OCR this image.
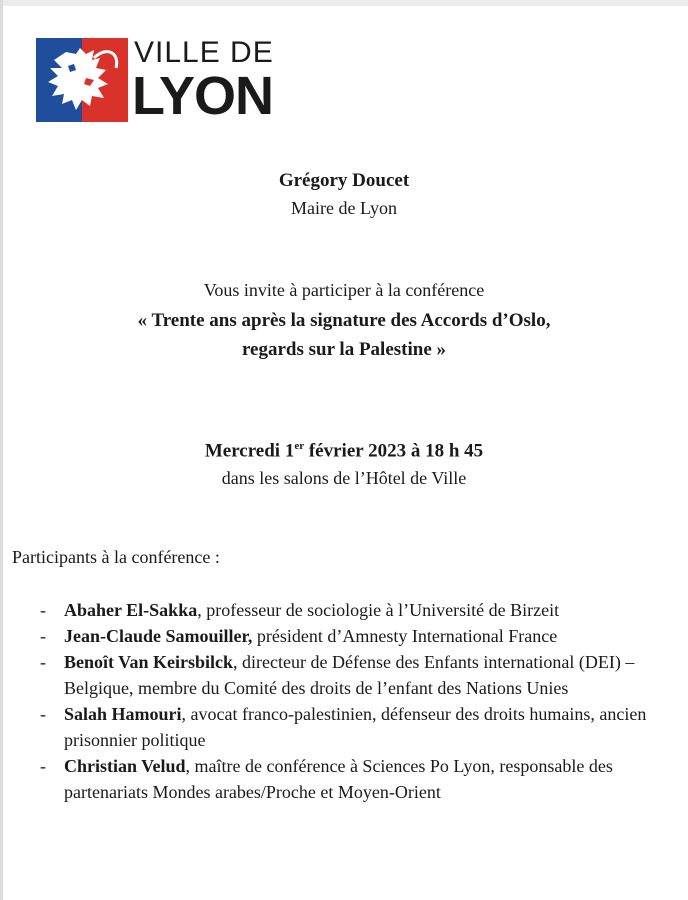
VILLE DE
LYON
Grégory Doucet
Maire de Lyon
Vous invite à participer à la conférence
« Trente ans après la signature des Accords d’Oslo,
regards sur la Palestine »
Mercredi 1er février 2023 à 18 h 45
dans les salons de l’Hôtel de Ville
Participants à la conférence :
- Abaher El-Sakka, professeur de sociologie à l’Université de Birzeit
- Jean-Claude Samouiller, président d’Amnesty International France
- Benoît Van Keirsbilck, directeur de Défense des Enfants international (DEI) – Belgique, membre du Comité des droits de l’enfant des Nations Unies
- Salah Hamouri, avocat franco-palestinien, défenseur des droits humains, ancien prisonnier politique
- Christian Velud, maître de conférence à Sciences Po Lyon, responsable des partenariats Mondes arabes/Proche et Moyen-Orient
